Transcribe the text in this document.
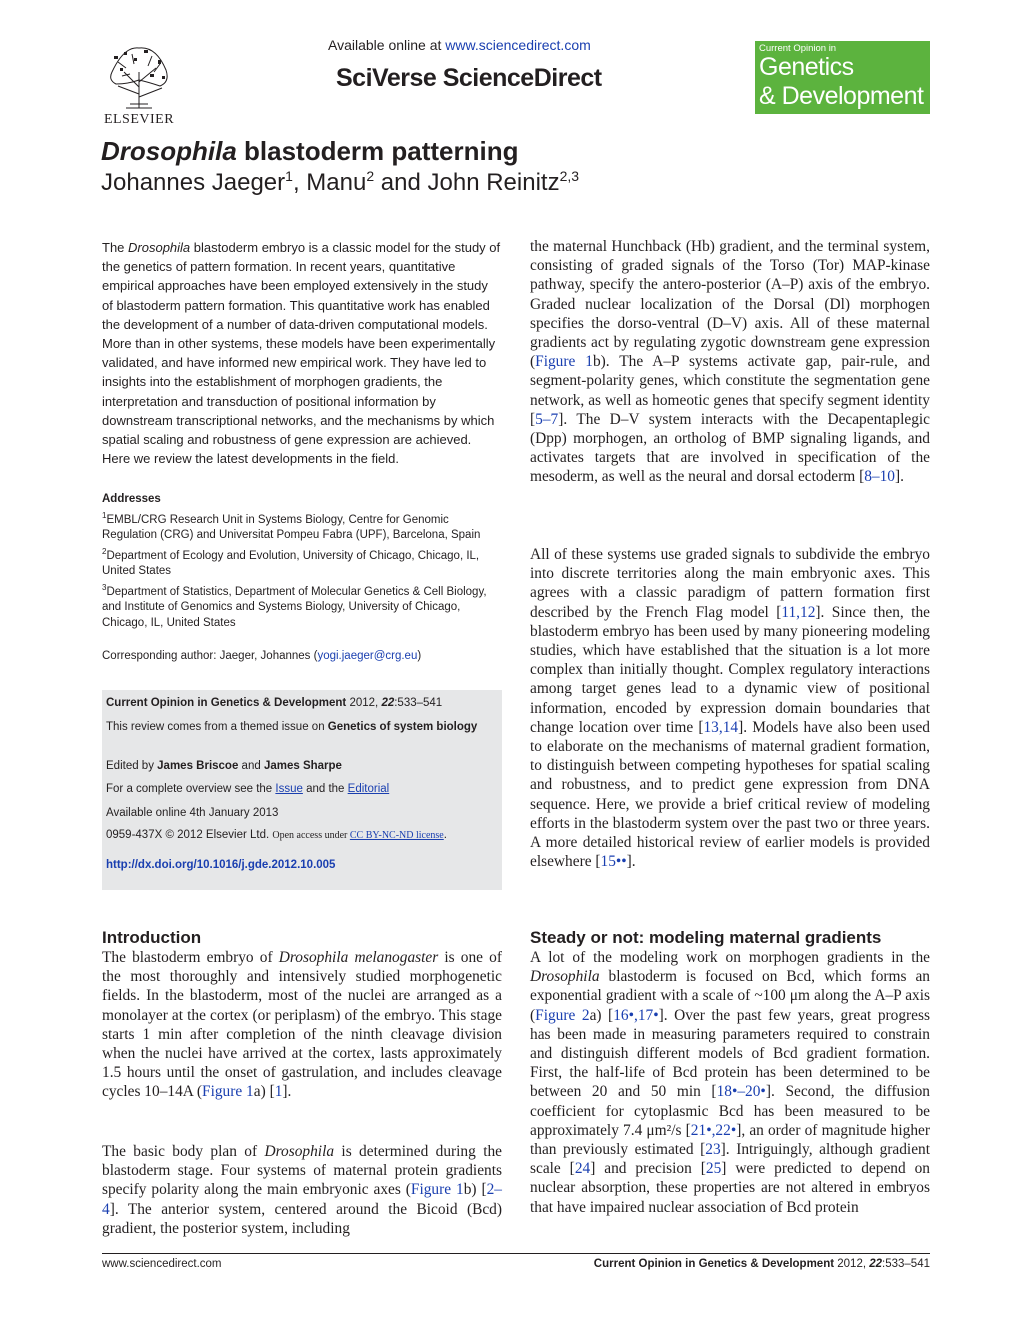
ELSEVIER
Available online at www.sciencedirect.com
SciVerse ScienceDirect
Current Opinion in
Genetics
& Development
Drosophila blastoderm patterning
Johannes Jaeger$^1$, Manu$^2$ and John Reinitz$^{2,3}$
The Drosophila blastoderm embryo is a classic model for the study of the genetics of pattern formation. In recent years, quantitative empirical approaches have been employed extensively in the study of blastoderm pattern formation. This quantitative work has enabled the development of a number of data-driven computational models. More than in other systems, these models have been experimentally validated, and have informed new empirical work. They have led to insights into the establishment of morphogen gradients, the interpretation and transduction of positional information by downstream transcriptional networks, and the mechanisms by which spatial scaling and robustness of gene expression are achieved. Here we review the latest developments in the field.
Addresses
$^1$EMBL/CRG Research Unit in Systems Biology, Centre for Genomic Regulation (CRG) and Universitat Pompeu Fabra (UPF), Barcelona, Spain
$^2$Department of Ecology and Evolution, University of Chicago, Chicago, IL, United States
$^3$Department of Statistics, Department of Molecular Genetics & Cell Biology, and Institute of Genomics and Systems Biology, University of Chicago, Chicago, IL, United States
Corresponding author: Jaeger, Johannes (yogi.jaeger@crg.eu)
Current Opinion in Genetics & Development 2012, 22:533–541
This review comes from a themed issue on Genetics of system biology
Edited by James Briscoe and James Sharpe
For a complete overview see the Issue and the Editorial
Available online 4th January 2013
0959-437X © 2012 Elsevier Ltd. Open access under CC BY-NC-ND license.
http://dx.doi.org/10.1016/j.gde.2012.10.005
Introduction
The blastoderm embryo of Drosophila melanogaster is one of the most thoroughly and intensively studied morphogenetic fields. In the blastoderm, most of the nuclei are arranged as a monolayer at the cortex (or periplasm) of the embryo. This stage starts 1 min after completion of the ninth cleavage division when the nuclei have arrived at the cortex, lasts approximately 1.5 hours until the onset of gastrulation, and includes cleavage cycles 10–14A (Figure 1a) [1].
The basic body plan of Drosophila is determined during the blastoderm stage. Four systems of maternal protein gradients specify polarity along the main embryonic axes (Figure 1b) [2–4]. The anterior system, centered around the Bicoid (Bcd) gradient, the posterior system, including
the maternal Hunchback (Hb) gradient, and the terminal system, consisting of graded signals of the Torso (Tor) MAP-kinase pathway, specify the antero-posterior (A–P) axis of the embryo. Graded nuclear localization of the Dorsal (Dl) morphogen specifies the dorso-ventral (D–V) axis. All of these maternal gradients act by regulating zygotic downstream gene expression (Figure 1b). The A–P systems activate gap, pair-rule, and segment-polarity genes, which constitute the segmentation gene network, as well as homeotic genes that specify segment identity [5–7]. The D–V system interacts with the Decapentaplegic (Dpp) morphogen, an ortholog of BMP signaling ligands, and activates targets that are involved in specification of the mesoderm, as well as the neural and dorsal ectoderm [8–10].
All of these systems use graded signals to subdivide the embryo into discrete territories along the main embryonic axes. This agrees with a classic paradigm of pattern formation first described by the French Flag model [11,12]. Since then, the blastoderm embryo has been used by many pioneering modeling studies, which have established that the situation is a lot more complex than initially thought. Complex regulatory interactions among target genes lead to a dynamic view of positional information, encoded by expression domain boundaries that change location over time [13,14]. Models have also been used to elaborate on the mechanisms of maternal gradient formation, to distinguish between competing hypotheses for spatial scaling and robustness, and to predict gene expression from DNA sequence. Here, we provide a brief critical review of modeling efforts in the blastoderm system over the past two or three years. A more detailed historical review of earlier models is provided elsewhere [15••].
Steady or not: modeling maternal gradients
A lot of the modeling work on morphogen gradients in the Drosophila blastoderm is focused on Bcd, which forms an exponential gradient with a scale of ~100 μm along the A–P axis (Figure 2a) [16•,17•]. Over the past few years, great progress has been made in measuring parameters required to constrain and distinguish different models of Bcd gradient formation. First, the half-life of Bcd protein has been determined to be between 20 and 50 min [18•–20•]. Second, the diffusion coefficient for cytoplasmic Bcd has been measured to be approximately 7.4 μm²/s [21•,22•], an order of magnitude higher than previously estimated [23]. Intriguingly, although gradient scale [24] and precision [25] were predicted to depend on nuclear absorption, these properties are not altered in embryos that have impaired nuclear association of Bcd protein
www.sciencedirect.com	Current Opinion in Genetics & Development 2012, 22:533–541
